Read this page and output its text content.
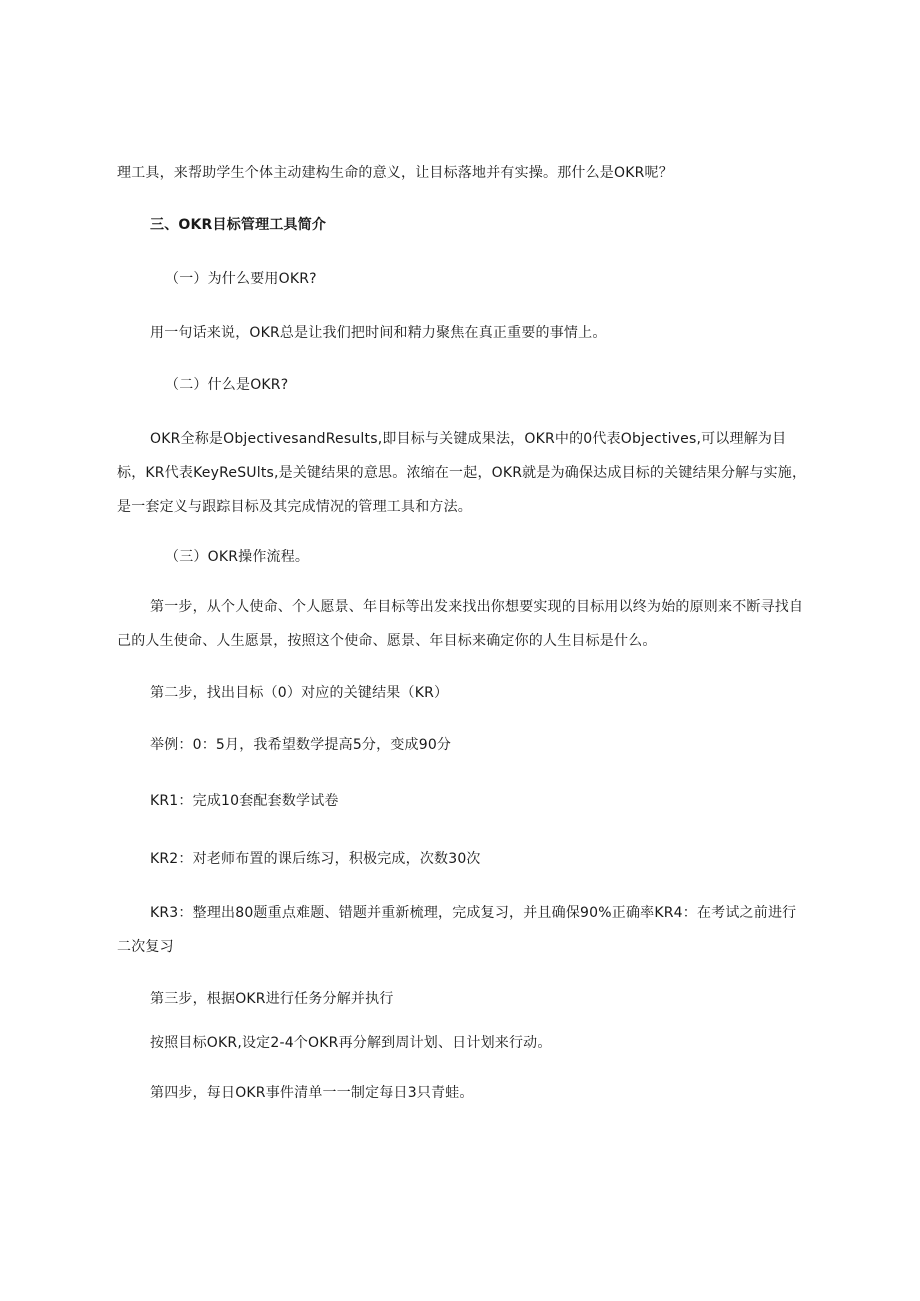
理工具，来帮助学生个体主动建构生命的意义，让目标落地并有实操。那什么是OKR呢？
三、OKR目标管理工具简介
（一）为什么要用OKR?
用一句话来说，OKR总是让我们把时间和精力聚焦在真正重要的事情上。
（二）什么是OKR?
OKR全称是ObjectivesandResults,即目标与关键成果法，OKR中的0代表Objectives,可以理解为目标，KR代表KeyReSUlts,是关键结果的意思。浓缩在一起，OKR就是为确保达成目标的关键结果分解与实施，是一套定义与跟踪目标及其完成情况的管理工具和方法。
（三）OKR操作流程。
第一步，从个人使命、个人愿景、年目标等出发来找出你想要实现的目标用以终为始的原则来不断寻找自己的人生使命、人生愿景，按照这个使命、愿景、年目标来确定你的人生目标是什么。
第二步，找出目标（0）对应的关键结果（KR）
举例：0：5月，我希望数学提高5分，变成90分
KR1：完成10套配套数学试卷
KR2：对老师布置的课后练习，积极完成，次数30次
KR3：整理出80题重点难题、错题并重新梳理，完成复习，并且确保90%正确率KR4：在考试之前进行二次复习
第三步，根据OKR进行任务分解并执行
按照目标OKR,设定2-4个OKR再分解到周计划、日计划来行动。
第四步，每日OKR事件清单一一制定每日3只青蛙。
